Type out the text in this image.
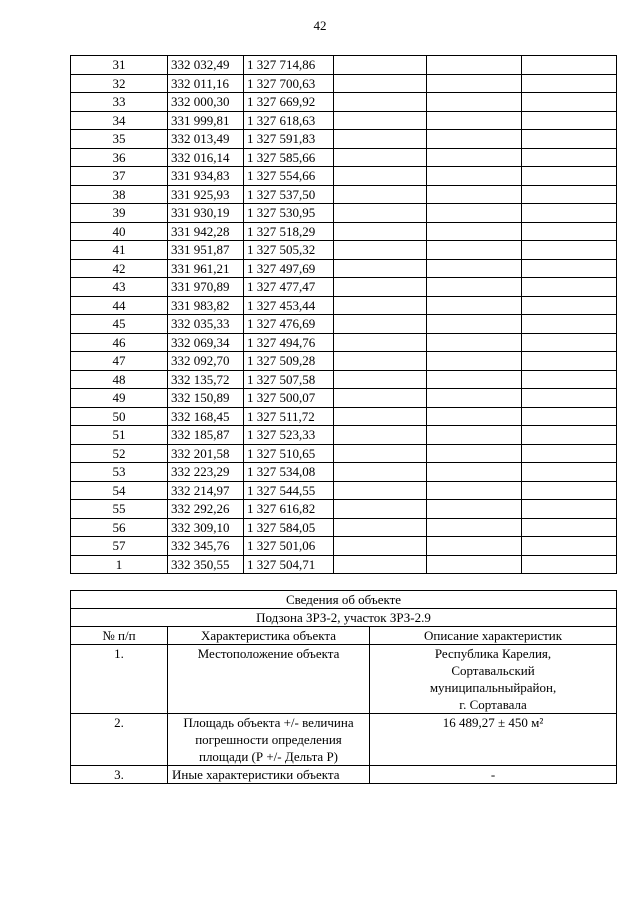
42
31	332 032,49	1 327 714,86			
32	332 011,16	1 327 700,63			
33	332 000,30	1 327 669,92			
34	331 999,81	1 327 618,63			
35	332 013,49	1 327 591,83			
36	332 016,14	1 327 585,66			
37	331 934,83	1 327 554,66			
38	331 925,93	1 327 537,50			
39	331 930,19	1 327 530,95			
40	331 942,28	1 327 518,29			
41	331 951,87	1 327 505,32			
42	331 961,21	1 327 497,69			
43	331 970,89	1 327 477,47			
44	331 983,82	1 327 453,44			
45	332 035,33	1 327 476,69			
46	332 069,34	1 327 494,76			
47	332 092,70	1 327 509,28			
48	332 135,72	1 327 507,58			
49	332 150,89	1 327 500,07			
50	332 168,45	1 327 511,72			
51	332 185,87	1 327 523,33			
52	332 201,58	1 327 510,65			
53	332 223,29	1 327 534,08			
54	332 214,97	1 327 544,55			
55	332 292,26	1 327 616,82			
56	332 309,10	1 327 584,05			
57	332 345,76	1 327 501,06			
1	332 350,55	1 327 504,71			
Сведения об объекте		
Подзона ЗРЗ-2, участок ЗРЗ-2.9		
№ п/п	Характеристика объекта	Описание характеристик
1.	Местоположение объекта	Республика Карелия,
Сортавальский
муниципальныйрайон,
г. Сортавала

2.	Площадь объекта +/- величина
погрешности определения
площади (Р +/- Дельта Р)	16 489,27 ± 450 м²
3.	Иные характеристики объекта	-
